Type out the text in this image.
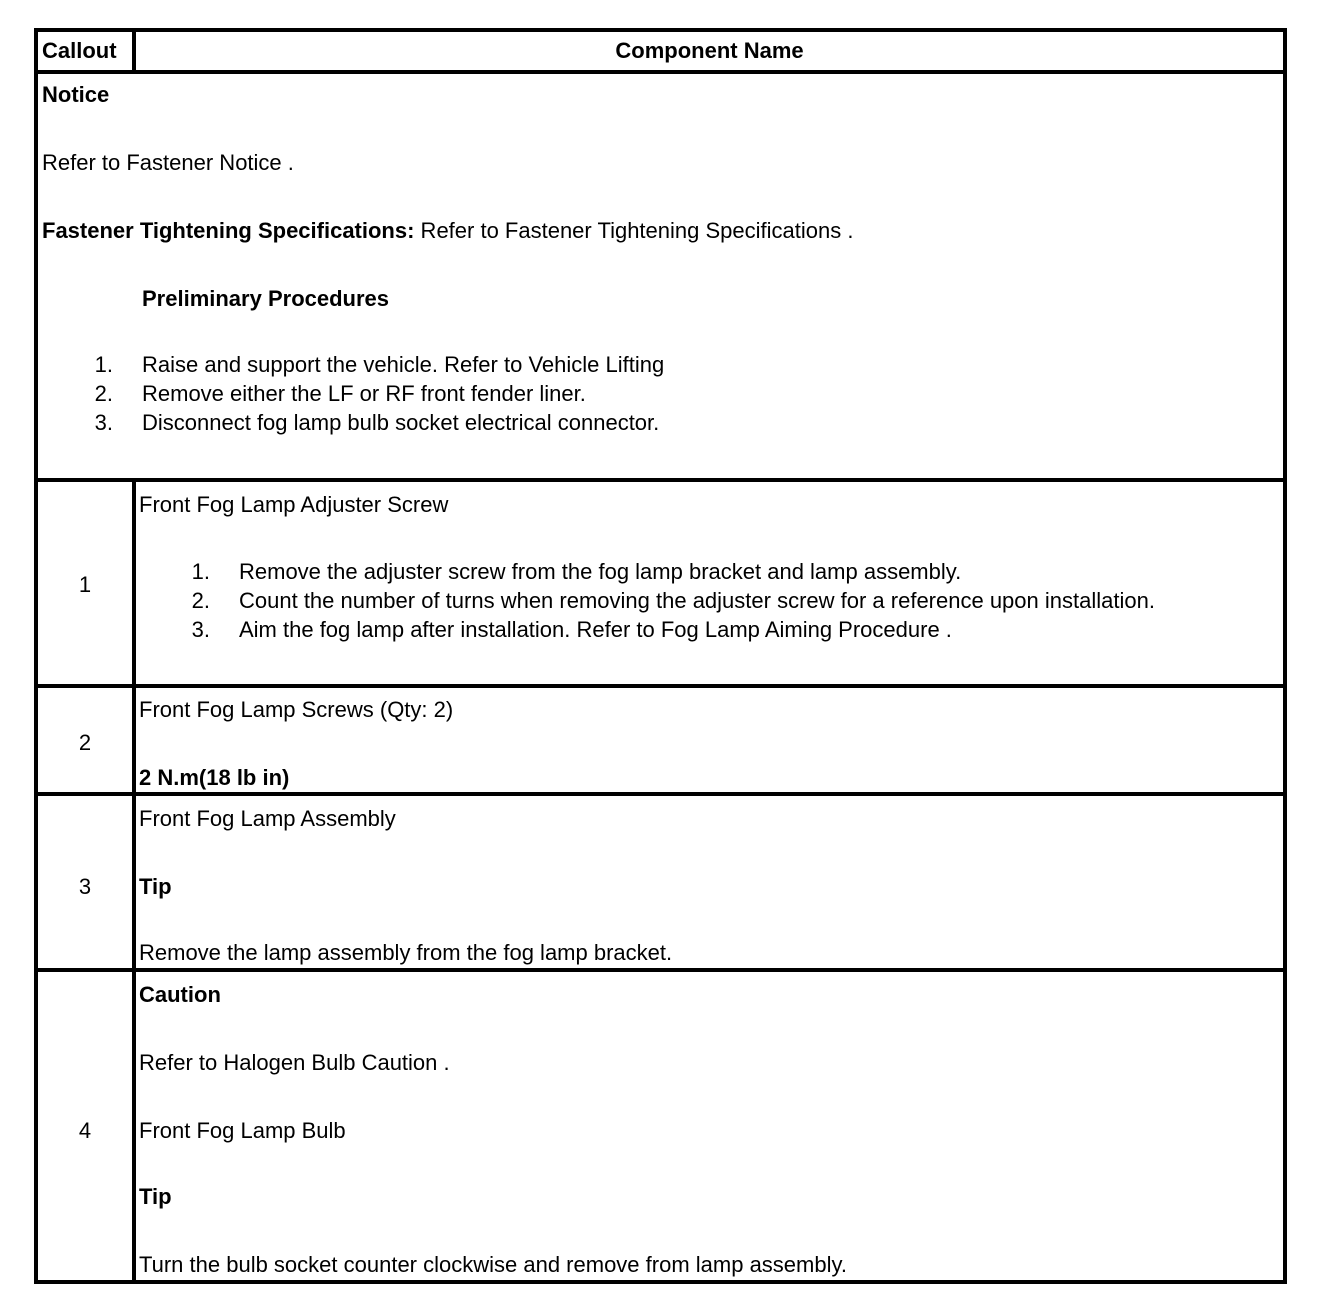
Callout	Component Name
Notice
Refer to Fastener Notice .
Fastener Tightening Specifications: Refer to Fastener Tightening Specifications .
Preliminary Procedures
1. Raise and support the vehicle. Refer to Vehicle Lifting
2. Remove either the LF or RF front fender liner.
3. Disconnect fog lamp bulb socket electrical connector.
1
Front Fog Lamp Adjuster Screw
1. Remove the adjuster screw from the fog lamp bracket and lamp assembly.
2. Count the number of turns when removing the adjuster screw for a reference upon installation.
3. Aim the fog lamp after installation. Refer to Fog Lamp Aiming Procedure .
2
Front Fog Lamp Screws (Qty: 2)
2 N.m(18 lb in)
3
Front Fog Lamp Assembly
Tip
Remove the lamp assembly from the fog lamp bracket.
4
Caution
Refer to Halogen Bulb Caution .
Front Fog Lamp Bulb
Tip
Turn the bulb socket counter clockwise and remove from lamp assembly.
